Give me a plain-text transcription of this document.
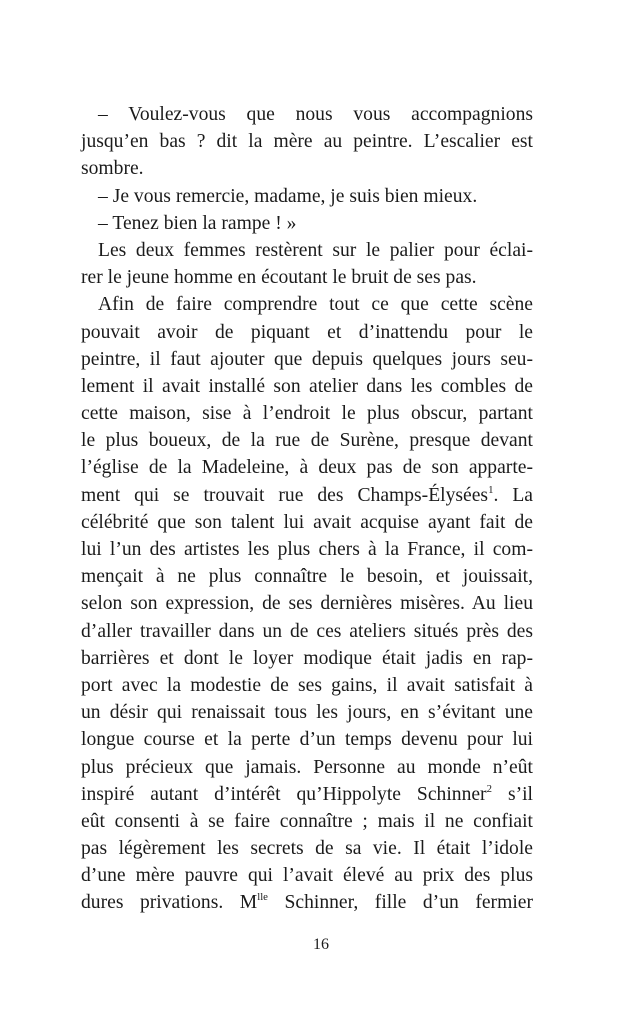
– Voulez-vous que nous vous accompagnions
jusqu’en bas ? dit la mère au peintre. L’escalier est
sombre.
– Je vous remercie, madame, je suis bien mieux.
– Tenez bien la rampe ! »
Les deux femmes restèrent sur le palier pour éclai-
rer le jeune homme en écoutant le bruit de ses pas.
Afin de faire comprendre tout ce que cette scène
pouvait avoir de piquant et d’inattendu pour le
peintre, il faut ajouter que depuis quelques jours seu-
lement il avait installé son atelier dans les combles de
cette maison, sise à l’endroit le plus obscur, partant
le plus boueux, de la rue de Surène, presque devant
l’église de la Madeleine, à deux pas de son apparte-
ment qui se trouvait rue des Champs-Élysées$^1$. La
célébrité que son talent lui avait acquise ayant fait de
lui l’un des artistes les plus chers à la France, il com-
mençait à ne plus connaître le besoin, et jouissait,
selon son expression, de ses dernières misères. Au lieu
d’aller travailler dans un de ces ateliers situés près des
barrières et dont le loyer modique était jadis en rap-
port avec la modestie de ses gains, il avait satisfait à
un désir qui renaissait tous les jours, en s’évitant une
longue course et la perte d’un temps devenu pour lui
plus précieux que jamais. Personne au monde n’eût
inspiré autant d’intérêt qu’Hippolyte Schinner$^2$ s’il
eût consenti à se faire connaître ; mais il ne confiait
pas légèrement les secrets de sa vie. Il était l’idole
d’une mère pauvre qui l’avait élevé au prix des plus
dures privations. $M^{lle}$ Schinner, fille d’un fermier
16
